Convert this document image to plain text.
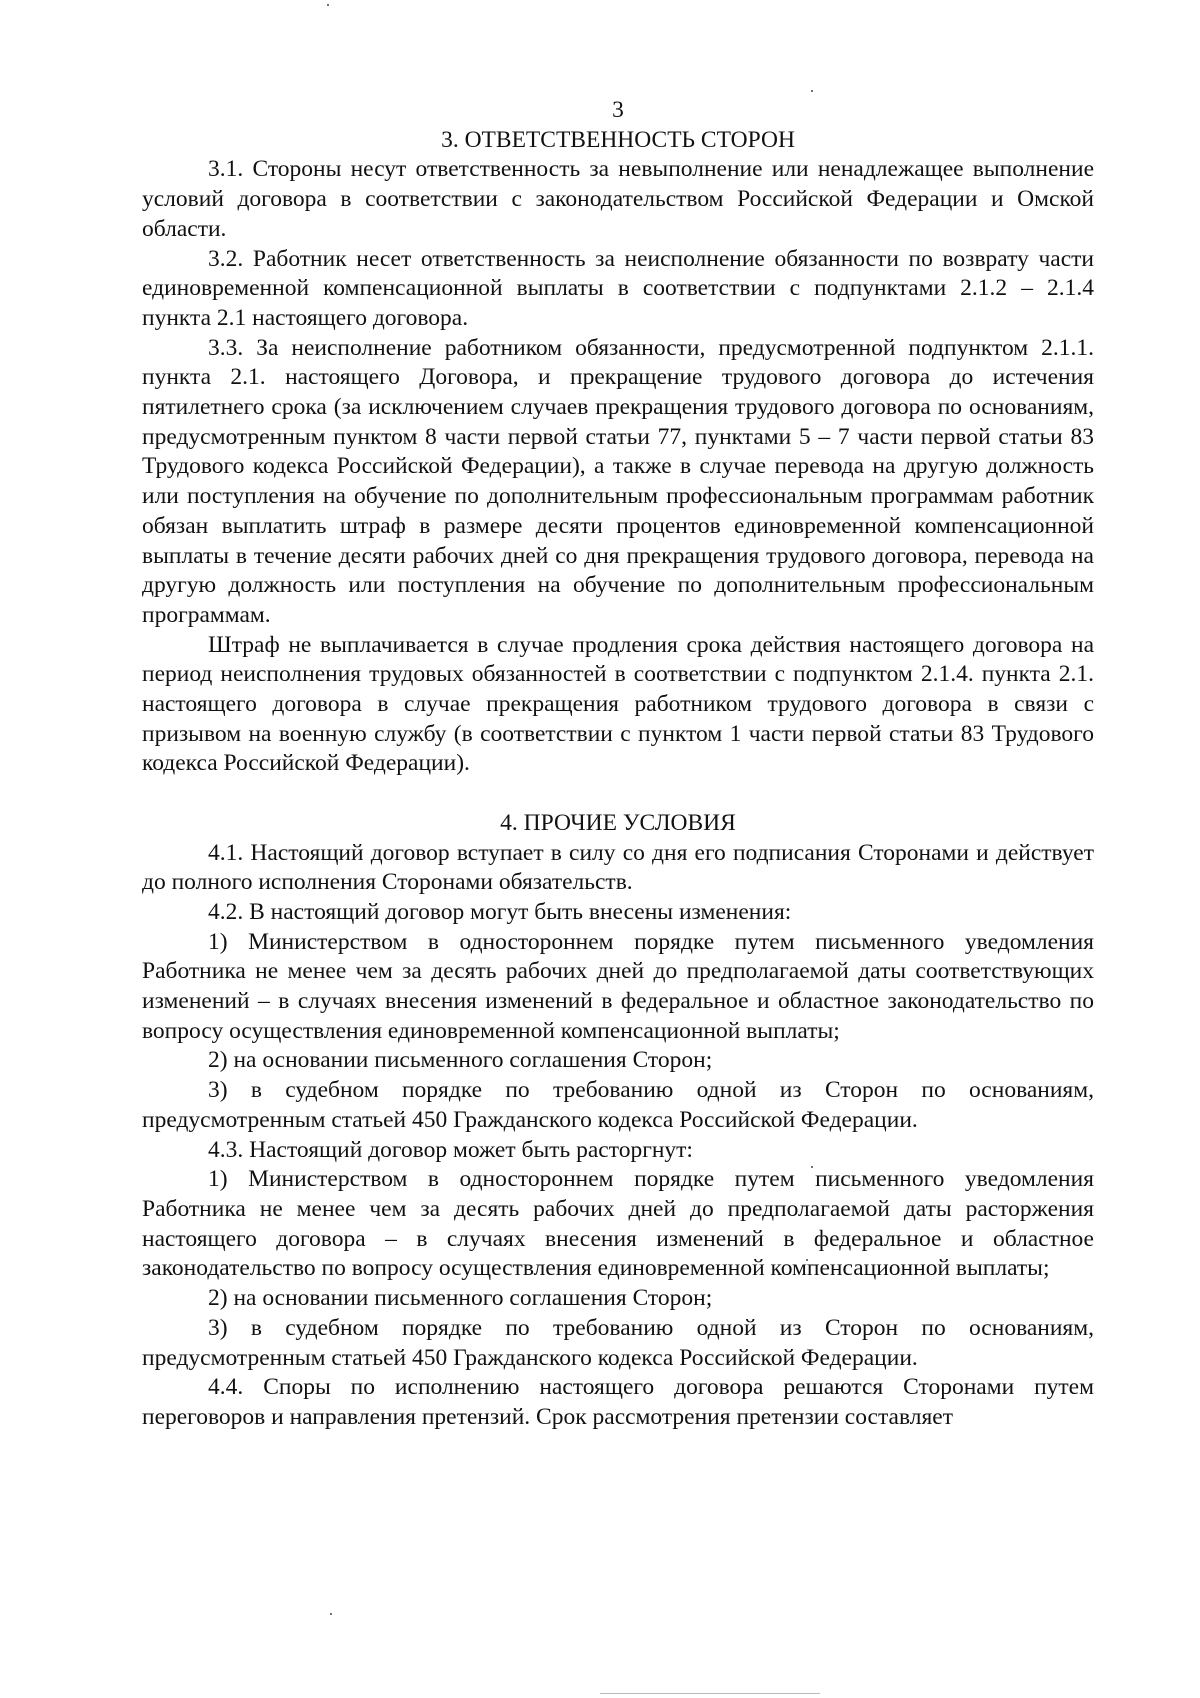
3

3. ОТВЕТСТВЕННОСТЬ СТОРОН

3.1. Стороны несут ответственность за невыполнение или ненадлежащее выполнение условий договора в соответствии с законодательством Российской Федерации и Омской области.

3.2. Работник несет ответственность за неисполнение обязанности по возврату части единовременной компенсационной выплаты в соответствии с подпунктами 2.1.2 – 2.1.4 пункта 2.1 настоящего договора.

3.3. За неисполнение работником обязанности, предусмотренной подпунктом 2.1.1. пункта 2.1. настоящего Договора, и прекращение трудового договора до истечения пятилетнего срока (за исключением случаев прекращения трудового договора по основаниям, предусмотренным пунктом 8 части первой статьи 77, пунктами 5 – 7 части первой статьи 83 Трудового кодекса Российской Федерации), а также в случае перевода на другую должность или поступления на обучение по дополнительным профессиональным программам работник обязан выплатить штраф в размере десяти процентов единовременной компенсационной выплаты в течение десяти рабочих дней со дня прекращения трудового договора, перевода на другую должность или поступления на обучение по дополнительным профессиональным программам.

Штраф не выплачивается в случае продления срока действия настоящего договора на период неисполнения трудовых обязанностей в соответствии с подпунктом 2.1.4. пункта 2.1. настоящего договора в случае прекращения работником трудового договора в связи с призывом на военную службу (в соответствии с пунктом 1 части первой статьи 83 Трудового кодекса Российской Федерации).

4. ПРОЧИЕ УСЛОВИЯ

4.1. Настоящий договор вступает в силу со дня его подписания Сторонами и действует до полного исполнения Сторонами обязательств.

4.2. В настоящий договор могут быть внесены изменения:

1) Министерством в одностороннем порядке путем письменного уведомления Работника не менее чем за десять рабочих дней до предполагаемой даты соответствующих изменений – в случаях внесения изменений в федеральное и областное законодательство по вопросу осуществления единовременной компенсационной выплаты;

2) на основании письменного соглашения Сторон;

3) в судебном порядке по требованию одной из Сторон по основаниям, предусмотренным статьей 450 Гражданского кодекса Российской Федерации.

4.3. Настоящий договор может быть расторгнут:

1) Министерством в одностороннем порядке путем письменного уведомления Работника не менее чем за десять рабочих дней до предполагаемой даты расторжения настоящего договора – в случаях внесения изменений в федеральное и областное законодательство по вопросу осуществления единовременной компенсационной выплаты;

2) на основании письменного соглашения Сторон;

3) в судебном порядке по требованию одной из Сторон по основаниям, предусмотренным статьей 450 Гражданского кодекса Российской Федерации.

4.4. Споры по исполнению настоящего договора решаются Сторонами путем переговоров и направления претензий. Срок рассмотрения претензии составляет
